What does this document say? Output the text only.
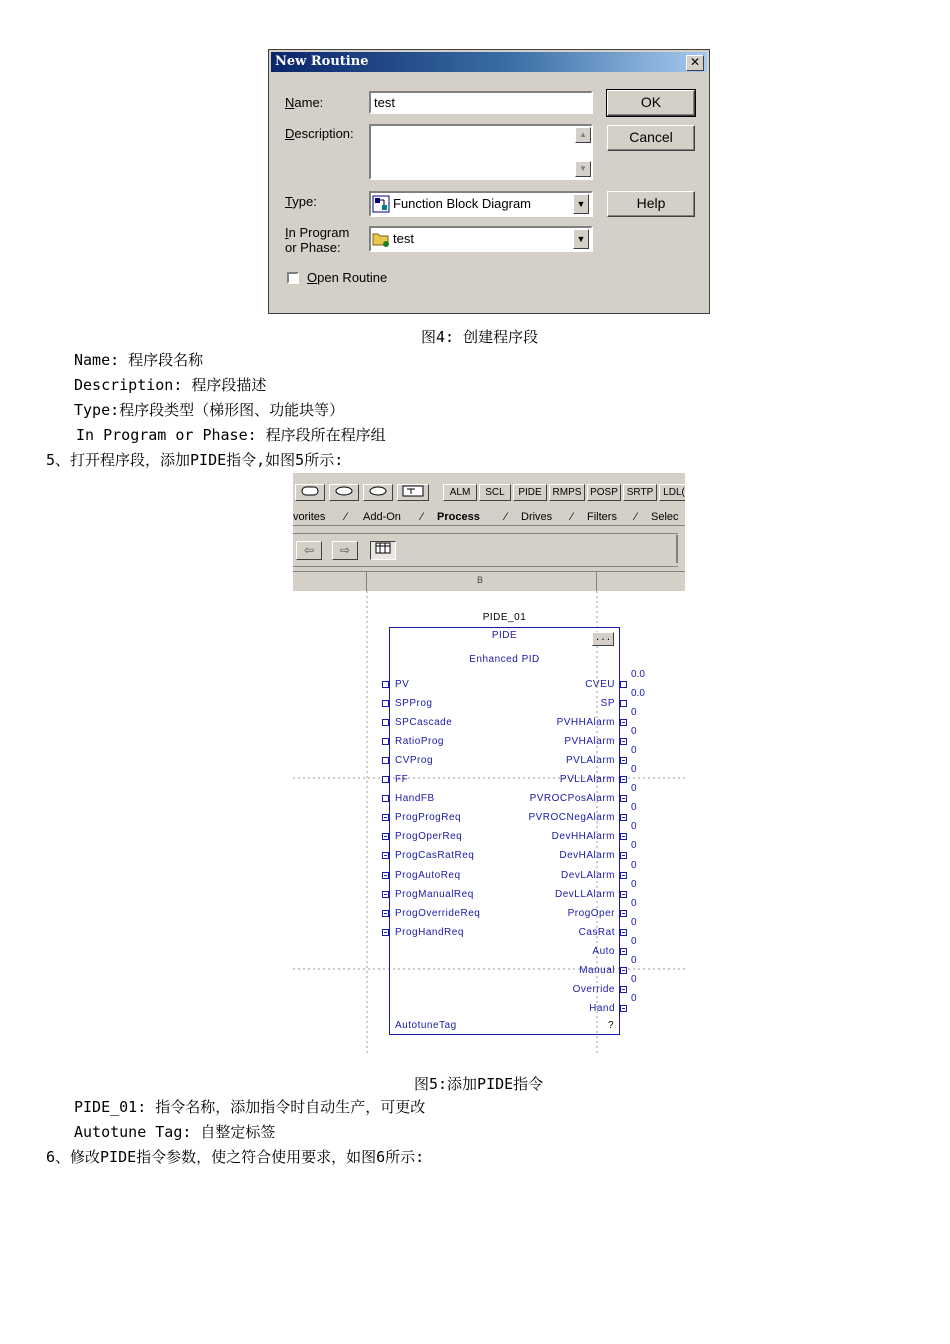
New Routine	✕
Name:	test
Description:	▲
▼
Type:	Function Block Diagram	▼
In Program
or Phase:
test	▼
Open Routine
OK
Cancel
Help
图4: 创建程序段
Name: 程序段名称
Description: 程序段描述
Type:程序段类型（梯形图、功能块等）
In Program or Phase: 程序段所在程序组
5、打开程序段，添加PIDE指令,如图5所示:
ALM	SCL	PIDE	RMPS POSP SRTP LDL(
vorites ⁄ Add-On ⁄ Process ⁄ Drives ⁄ Filters ⁄ Selec
⇦	⇨
B
PIDE_01
PIDE	...
Enhanced PID
PV
SPProg
SPCascade
RatioProg
CVProg
FF
HandFB
ProgProgReq
ProgOperReq
ProgCasRatReq
ProgAutoReq
ProgManualReq
ProgOverrideReq
ProgHandReq
CVEU
0.0
SP
0.0
PVHHAlarm
0
PVHAlarm
0
PVLAlarm
0
PVLLAlarm
0
PVROCPosAlarm
0
PVROCNegAlarm
0
DevHHAlarm
0
DevHAlarm
0
DevLAlarm
0
DevLLAlarm
0
ProgOper
0
CasRat
0
Auto
0
Manual
0
Override
0
Hand
0
AutotuneTag	?
图5:添加PIDE指令
PIDE_01: 指令名称，添加指令时自动生产，可更改
Autotune Tag: 自整定标签
6、修改PIDE指令参数，使之符合使用要求，如图6所示:
